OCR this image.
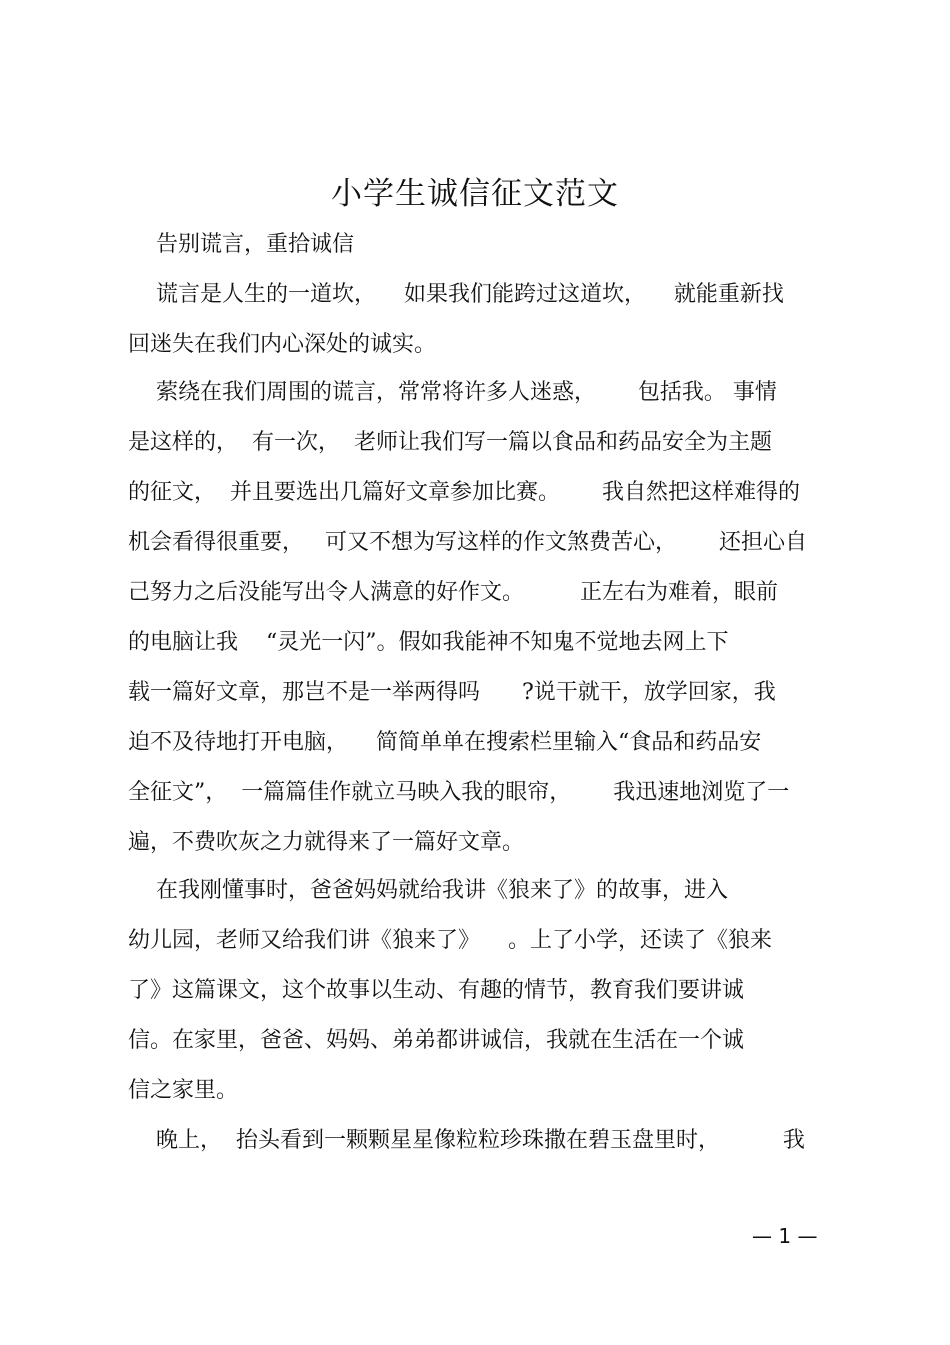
小学生诚信征文范文
告别谎言，重拾诚信
谎言是人生的一道坎，    如果我们能跨过这道坎，    就能重新找
回迷失在我们内心深处的诚实。
萦绕在我们周围的谎言，常常将许多人迷惑，      包括我。 事情
是这样的，  有一次，  老师让我们写一篇以食品和药品安全为主题
的征文，  并且要选出几篇好文章参加比赛。      我自然把这样难得的
机会看得很重要，   可又不想为写这样的作文煞费苦心，      还担心自
己努力之后没能写出令人满意的好作文。        正左右为难着，眼前
的电脑让我    “灵光一闪”。假如我能神不知鬼不觉地去网上下
载一篇好文章，那岂不是一举两得吗      ?说干就干，放学回家，我
迫不及待地打开电脑，    简简单单在搜索栏里输入“食品和药品安
全征文”，  一篇篇佳作就立马映入我的眼帘，      我迅速地浏览了一
遍，不费吹灰之力就得来了一篇好文章。
在我刚懂事时，爸爸妈妈就给我讲《狼来了》的故事，进入
幼儿园，老师又给我们讲《狼来了》    。上了小学，还读了《狼来
了》这篇课文，这个故事以生动、有趣的情节，教育我们要讲诚
信。在家里，爸爸、妈妈、弟弟都讲诚信，我就在生活在一个诚
信之家里。
晚上，  抬头看到一颗颗星星像粒粒珍珠撒在碧玉盘里时，         我
— 1 —
